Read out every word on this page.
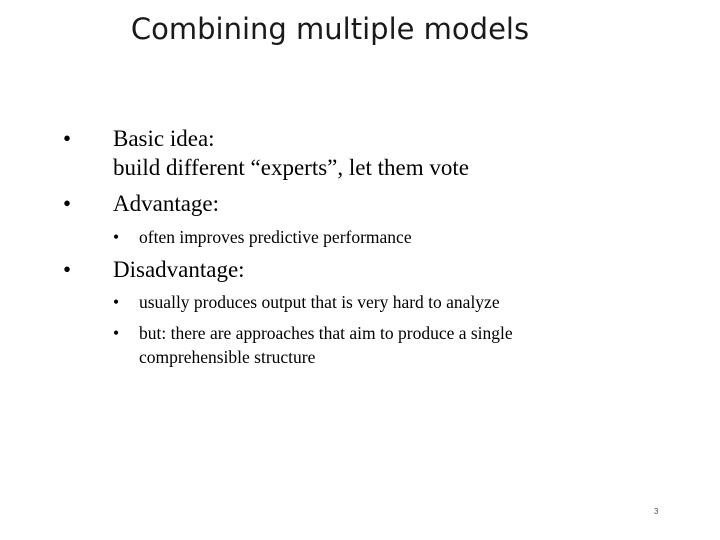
Combining multiple models
• Basic idea:
build different “experts”, let them vote
• Advantage:
• often improves predictive performance
• Disadvantage:
• usually produces output that is very hard to analyze
• but: there are approaches that aim to produce a single
comprehensible structure
3
